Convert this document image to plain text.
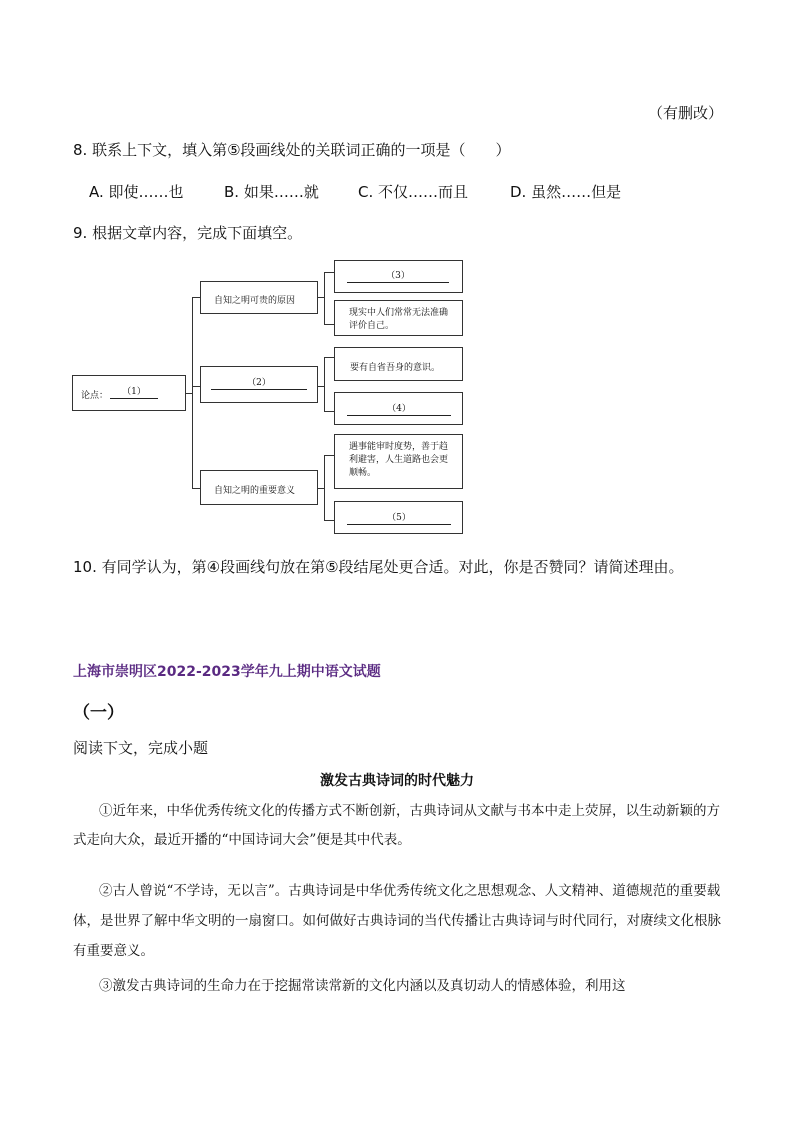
（有删改）
8. 联系上下文，填入第⑤段画线处的关联词正确的一项是（　　）
A. 即使……也	B. 如果……就	C. 不仅……而且	D. 虽然……但是
9. 根据文章内容，完成下面填空。
论点：	（1）
自知之明可贵的原因
（2）
自知之明的重要意义
（3）
现实中人们常常无法准确评价自己。
要有自省吾身的意识。
（4）
遇事能审时度势，善于趋利避害，人生道路也会更顺畅。
（5）
10. 有同学认为，第④段画线句放在第⑤段结尾处更合适。对此，你是否赞同？请简述理由。
上海市崇明区2022-2023学年九上期中语文试题
（一）
阅读下文，完成小题
激发古典诗词的时代魅力
①近年来，中华优秀传统文化的传播方式不断创新，古典诗词从文献与书本中走上荧屏，以生动新颖的方式走向大众，最近开播的“中国诗词大会”便是其中代表。
②古人曾说“不学诗，无以言”。古典诗词是中华优秀传统文化之思想观念、人文精神、道德规范的重要载体，是世界了解中华文明的一扇窗口。如何做好古典诗词的当代传播让古典诗词与时代同行，对赓续文化根脉有重要意义。
③激发古典诗词的生命力在于挖掘常读常新的文化内涵以及真切动人的情感体验，利用这
